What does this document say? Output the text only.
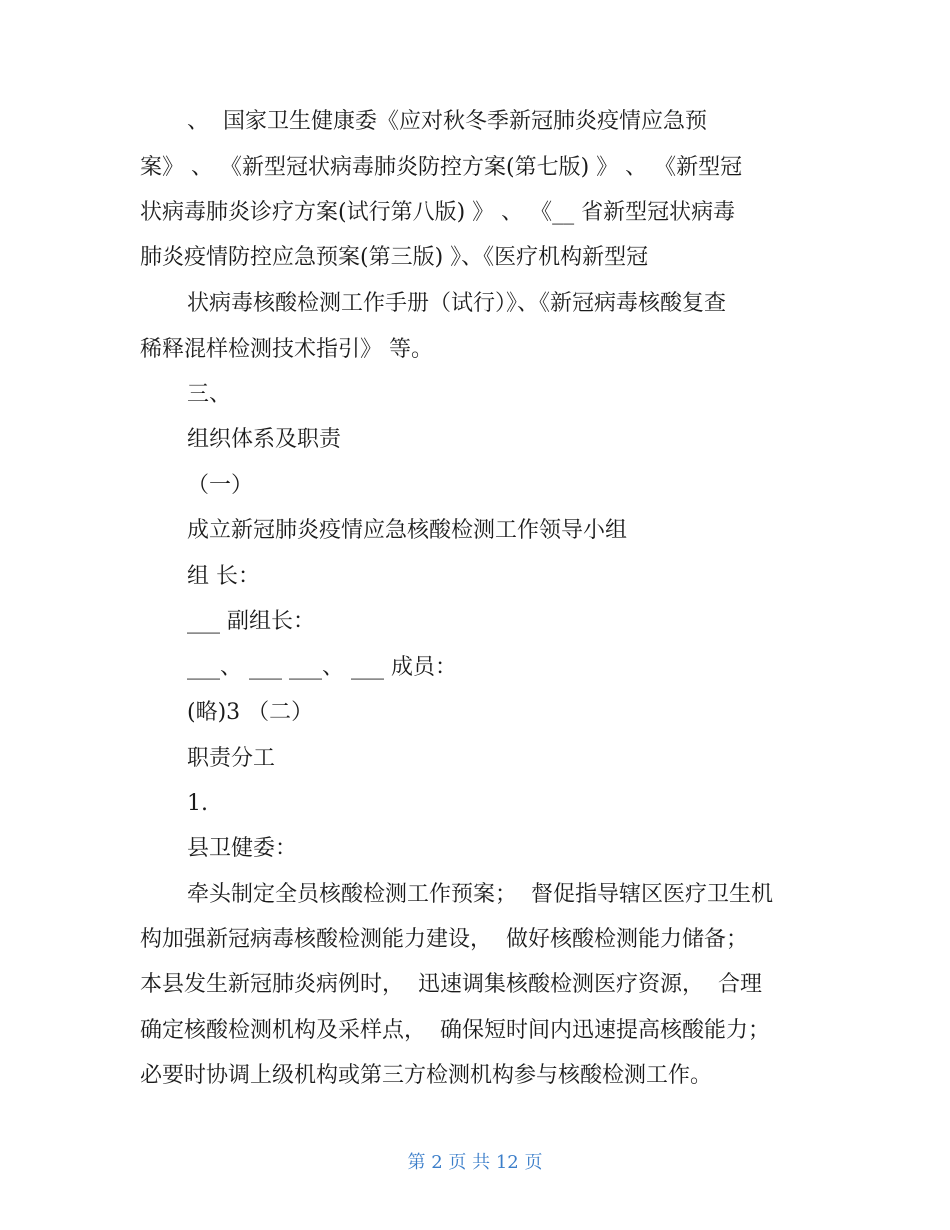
、  国家卫生健康委《应对秋冬季新冠肺炎疫情应急预
案》 、 《新型冠状病毒肺炎防控方案(第七版) 》 、 《新型冠
状病毒肺炎诊疗方案(试行第八版) 》 、 《__ 省新型冠状病毒
肺炎疫情防控应急预案(第三版) 》、《医疗机构新型冠
状病毒核酸检测工作手册（试行）》、《新冠病毒核酸复查
稀释混样检测技术指引》 等。
三、
组织体系及职责
（一）
成立新冠肺炎疫情应急核酸检测工作领导小组
组 长：
___ 副组长：
___、 ___ ___、 ___ 成员：
(略)3 （二）
职责分工
1.
县卫健委：
牵头制定全员核酸检测工作预案；  督促指导辖区医疗卫生机
构加强新冠病毒核酸检测能力建设，  做好核酸检测能力储备；
本县发生新冠肺炎病例时，  迅速调集核酸检测医疗资源，  合理
确定核酸检测机构及采样点，  确保短时间内迅速提高核酸能力；
必要时协调上级机构或第三方检测机构参与核酸检测工作。
第 2 页 共 12 页
